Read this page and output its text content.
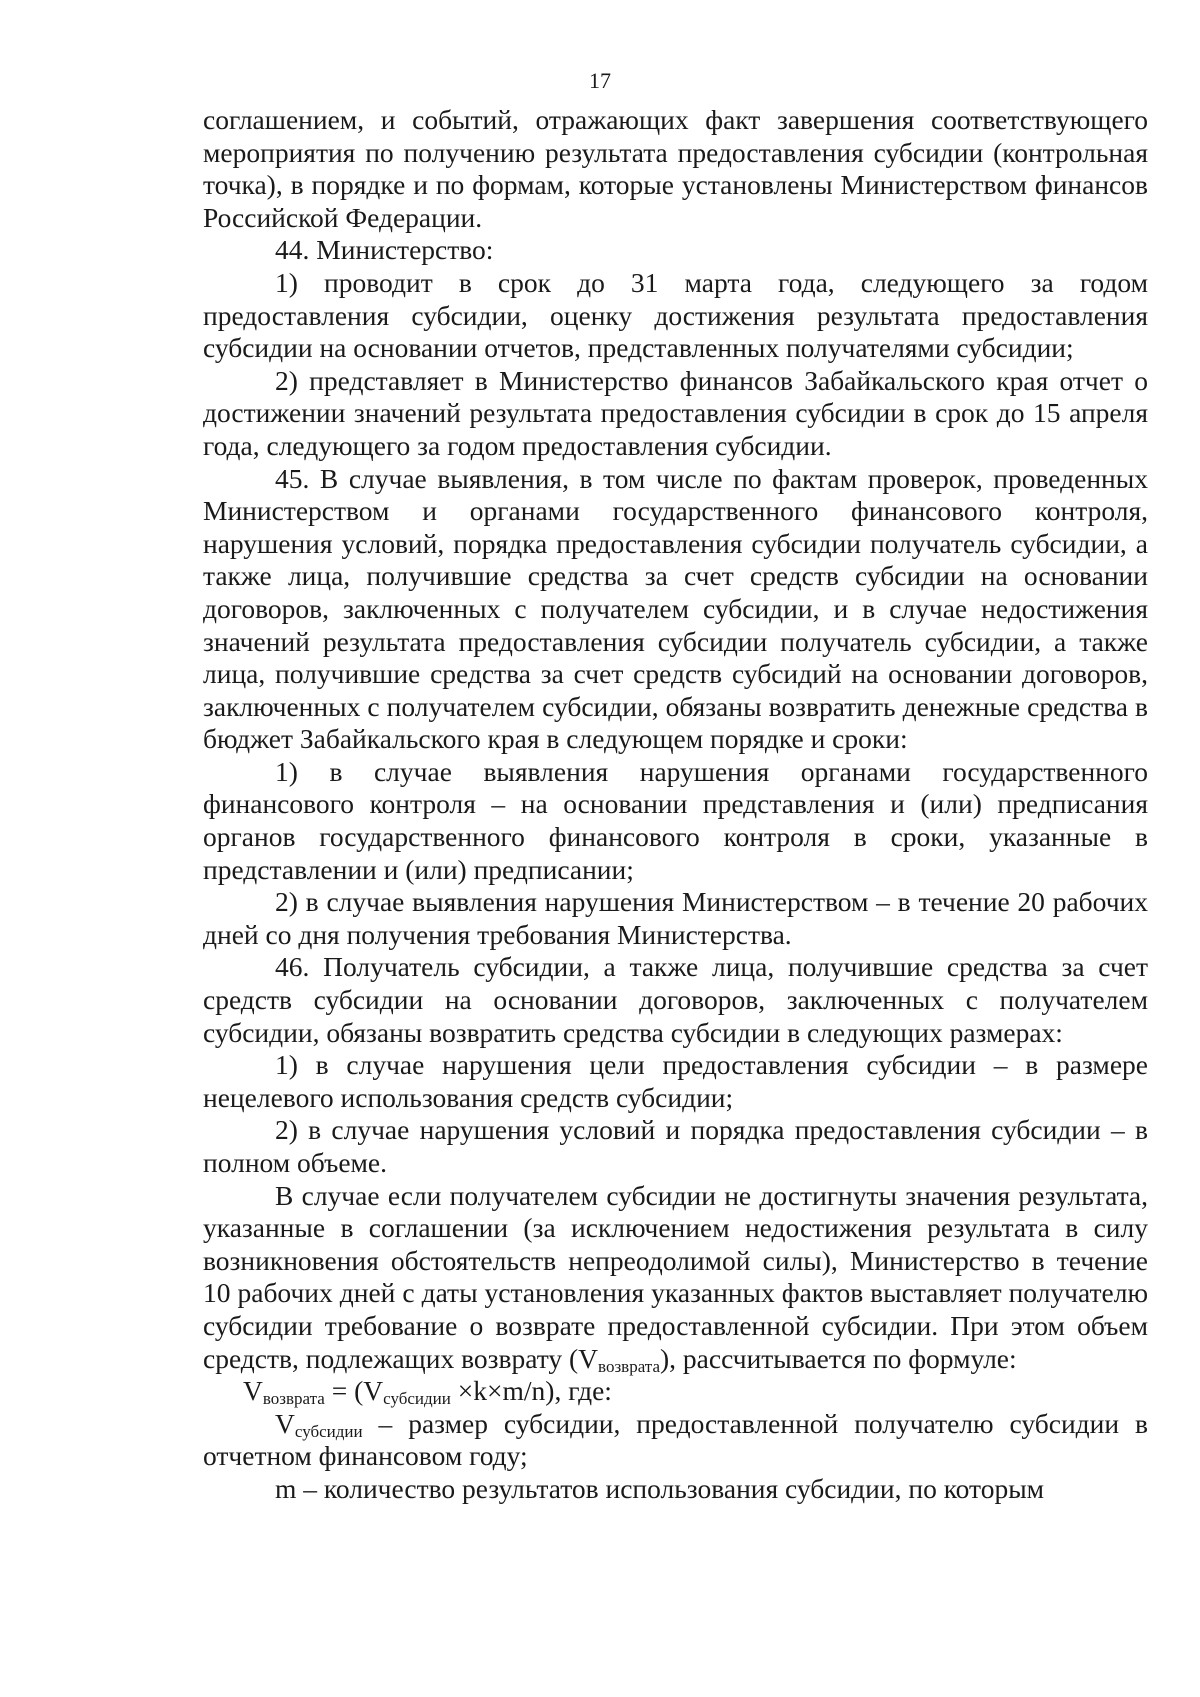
17

соглашением, и событий, отражающих факт завершения соответствующего мероприятия по получению результата предоставления субсидии (контрольная точка), в порядке и по формам, которые установлены Министерством финансов Российской Федерации.

44. Министерство:

1) проводит в срок до 31 марта года, следующего за годом предоставления субсидии, оценку достижения результата предоставления субсидии на основании отчетов, представленных получателями субсидии;

2) представляет в Министерство финансов Забайкальского края отчет о достижении значений результата предоставления субсидии в срок до 15 апреля года, следующего за годом предоставления субсидии.

45. В случае выявления, в том числе по фактам проверок, проведенных Министерством и органами государственного финансового контроля, нарушения условий, порядка предоставления субсидии получатель субсидии, а также лица, получившие средства за счет средств субсидии на основании договоров, заключенных с получателем субсидии, и в случае недостижения значений результата предоставления субсидии получатель субсидии, а также лица, получившие средства за счет средств субсидий на основании договоров, заключенных с получателем субсидии, обязаны возвратить денежные средства в бюджет Забайкальского края в следующем порядке и сроки:

1) в случае выявления нарушения органами государственного финансового контроля – на основании представления и (или) предписания органов государственного финансового контроля в сроки, указанные в представлении и (или) предписании;

2) в случае выявления нарушения Министерством – в течение 20 рабочих дней со дня получения требования Министерства.

46. Получатель субсидии, а также лица, получившие средства за счет средств субсидии на основании договоров, заключенных с получателем субсидии, обязаны возвратить средства субсидии в следующих размерах:

1) в случае нарушения цели предоставления субсидии – в размере нецелевого использования средств субсидии;

2) в случае нарушения условий и порядка предоставления субсидии – в полном объеме.

В случае если получателем субсидии не достигнуты значения результата, указанные в соглашении (за исключением недостижения результата в силу возникновения обстоятельств непреодолимой силы), Министерство в течение 10 рабочих дней с даты установления указанных фактов выставляет получателю субсидии требование о возврате предоставленной субсидии. При этом объем средств, подлежащих возврату $(V_{возврата})$, рассчитывается по формуле:

$V_{возврата} = (V_{субсидии} \times k\times m/n)$, где:

$V_{субсидии}$ – размер субсидии, предоставленной получателю субсидии в отчетном финансовом году;

m – количество результатов использования субсидии, по которым
